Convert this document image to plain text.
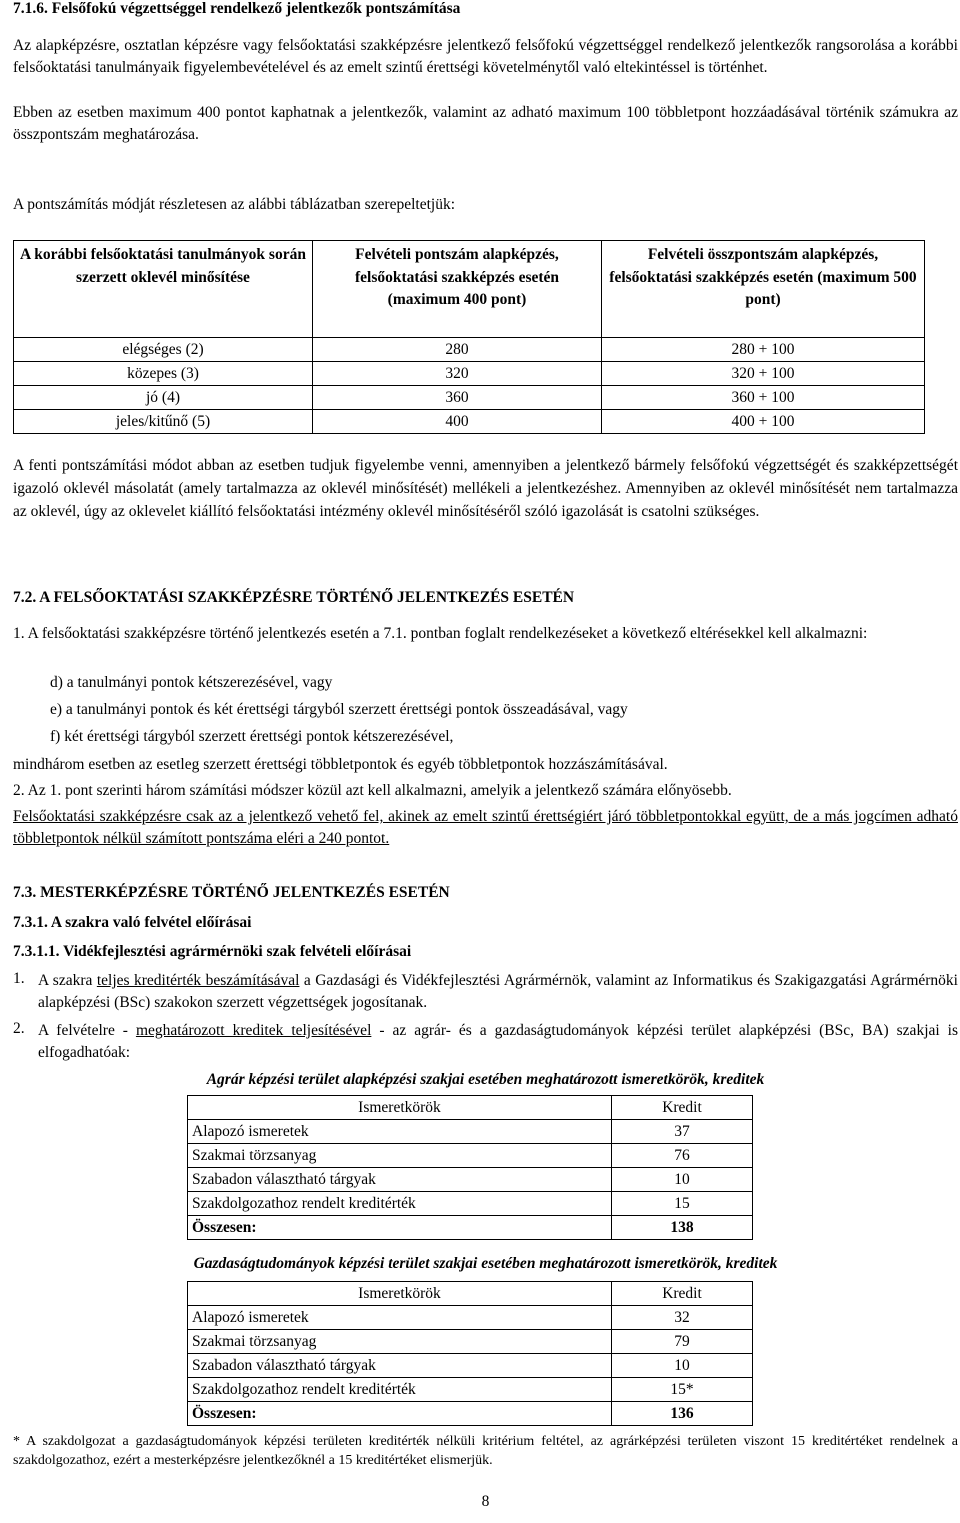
7.1.6. Felsőfokú végzettséggel rendelkező jelentkezők pontszámítása

Az alapképzésre, osztatlan képzésre vagy felsőoktatási szakképzésre jelentkező felsőfokú végzettséggel rendelkező jelentkezők rangsorolása a korábbi felsőoktatási tanulmányaik figyelembevételével és az emelt szintű érettségi követelménytől való eltekintéssel is történhet.

Ebben az esetben maximum 400 pontot kaphatnak a jelentkezők, valamint az adható maximum 100 többletpont hozzáadásával történik számukra az összpontszám meghatározása.

A pontszámítás módját részletesen az alábbi táblázatban szerepeltetjük:

A korábbi felsőoktatási tanulmányok során szerzett oklevél minősítése	Felvételi pontszám alapképzés, felsőoktatási szakképzés esetén (maximum 400 pont)	Felvételi összpontszám alapképzés, felsőoktatási szakképzés esetén (maximum 500 pont)
elégséges (2)	280	280 + 100
közepes (3)	320	320 + 100
jó (4)	360	360 + 100
jeles/kitűnő (5)	400	400 + 100

A fenti pontszámítási módot abban az esetben tudjuk figyelembe venni, amennyiben a jelentkező bármely felsőfokú végzettségét és szakképzettségét igazoló oklevél másolatát (amely tartalmazza az oklevél minősítését) mellékeli a jelentkezéshez. Amennyiben az oklevél minősítését nem tartalmazza az oklevél, úgy az oklevelet kiállító felsőoktatási intézmény oklevél minősítéséről szóló igazolását is csatolni szükséges.

7.2. A FELSŐOKTATÁSI SZAKKÉPZÉSRE TÖRTÉNŐ JELENTKEZÉS ESETÉN

1. A felsőoktatási szakképzésre történő jelentkezés esetén a 7.1. pontban foglalt rendelkezéseket a következő eltérésekkel kell alkalmazni:

d) a tanulmányi pontok kétszerezésével, vagy
e) a tanulmányi pontok és két érettségi tárgyból szerzett érettségi pontok összeadásával, vagy
f) két érettségi tárgyból szerzett érettségi pontok kétszerezésével,

mindhárom esetben az esetleg szerzett érettségi többletpontok és egyéb többletpontok hozzászámításával.

2. Az 1. pont szerinti három számítási módszer közül azt kell alkalmazni, amelyik a jelentkező számára előnyösebb.

Felsőoktatási szakképzésre csak az a jelentkező vehető fel, akinek az emelt szintű érettségiért járó többletpontokkal együtt, de a más jogcímen adható többletpontok nélkül számított pontszáma eléri a 240 pontot.

7.3. MESTERKÉPZÉSRE TÖRTÉNŐ JELENTKEZÉS ESETÉN
7.3.1. A szakra való felvétel előírásai
7.3.1.1. Vidékfejlesztési agrármérnöki szak felvételi előírásai
1. A szakra teljes kreditérték beszámításával a Gazdasági és Vidékfejlesztési Agrármérnök, valamint az Informatikus és Szakigazgatási Agrármérnöki alapképzési (BSc) szakokon szerzett végzettségek jogosítanak.

2. A felvételre - meghatározott kreditek teljesítésével - az agrár- és a gazdaságtudományok képzési terület alapképzési (BSc, BA) szakjai is elfogadhatóak:

Agrár képzési terület alapképzési szakjai esetében meghatározott ismeretkörök, kreditek
Ismeretkörök	Kredit
Alapozó ismeretek	37
Szakmai törzsanyag	76
Szabadon választható tárgyak	10
Szakdolgozathoz rendelt kreditérték	15
Összesen:	138
Gazdaságtudományok képzési terület szakjai esetében meghatározott ismeretkörök, kreditek
Ismeretkörök	Kredit
Alapozó ismeretek	32
Szakmai törzsanyag	79
Szabadon választható tárgyak	10
Szakdolgozathoz rendelt kreditérték	15*
Összesen:	136

* A szakdolgozat a gazdaságtudományok képzési területen kreditérték nélküli kritérium feltétel, az agrárképzési területen viszont 15 kreditértéket rendelnek a szakdolgozathoz, ezért a mesterképzésre jelentkezőknél a 15 kreditértéket elismerjük.

8
